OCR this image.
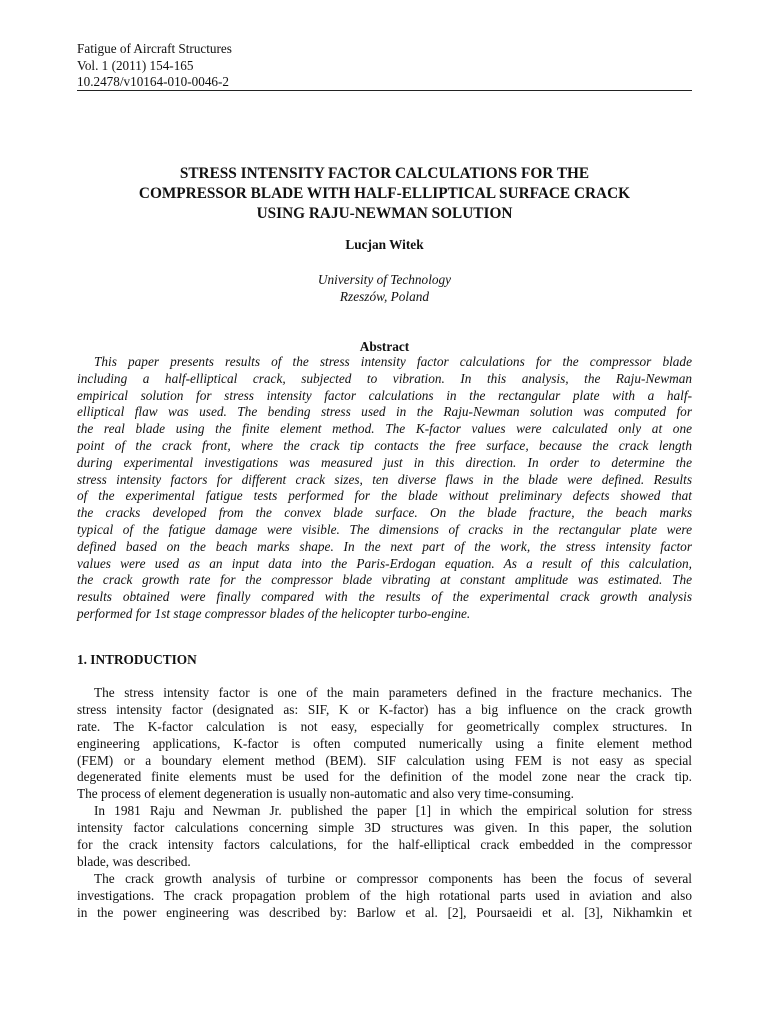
Fatigue of Aircraft Structures
Vol. 1 (2011) 154-165
10.2478/v10164-010-0046-2
STRESS INTENSITY FACTOR CALCULATIONS FOR THE
COMPRESSOR BLADE WITH HALF-ELLIPTICAL SURFACE CRACK
USING RAJU-NEWMAN SOLUTION
Lucjan Witek
University of Technology
Rzeszów, Poland
Abstract
This paper presents results of the stress intensity factor calculations for the compressor blade
including a half-elliptical crack, subjected to vibration. In this analysis, the Raju-Newman
empirical solution for stress intensity factor calculations in the rectangular plate with a half-
elliptical flaw was used. The bending stress used in the Raju-Newman solution was computed for
the real blade using the finite element method. The K-factor values were calculated only at one
point of the crack front, where the crack tip contacts the free surface, because the crack length
during experimental investigations was measured just in this direction. In order to determine the
stress intensity factors for different crack sizes, ten diverse flaws in the blade were defined. Results
of the experimental fatigue tests performed for the blade without preliminary defects showed that
the cracks developed from the convex blade surface. On the blade fracture, the beach marks
typical of the fatigue damage were visible. The dimensions of cracks in the rectangular plate were
defined based on the beach marks shape. In the next part of the work, the stress intensity factor
values were used as an input data into the Paris-Erdogan equation. As a result of this calculation,
the crack growth rate for the compressor blade vibrating at constant amplitude was estimated. The
results obtained were finally compared with the results of the experimental crack growth analysis
performed for 1st stage compressor blades of the helicopter turbo-engine.
1. INTRODUCTION
The stress intensity factor is one of the main parameters defined in the fracture mechanics. The
stress intensity factor (designated as: SIF, K or K-factor) has a big influence on the crack growth
rate. The K-factor calculation is not easy, especially for geometrically complex structures. In
engineering applications, K-factor is often computed numerically using a finite element method
(FEM) or a boundary element method (BEM). SIF calculation using FEM is not easy as special
degenerated finite elements must be used for the definition of the model zone near the crack tip.
The process of element degeneration is usually non-automatic and also very time-consuming.
In 1981 Raju and Newman Jr. published the paper [1] in which the empirical solution for stress
intensity factor calculations concerning simple 3D structures was given. In this paper, the solution
for the crack intensity factors calculations, for the half-elliptical crack embedded in the compressor
blade, was described.
The crack growth analysis of turbine or compressor components has been the focus of several
investigations. The crack propagation problem of the high rotational parts used in aviation and also
in the power engineering was described by: Barlow et al. [2], Poursaeidi et al. [3], Nikhamkin et
